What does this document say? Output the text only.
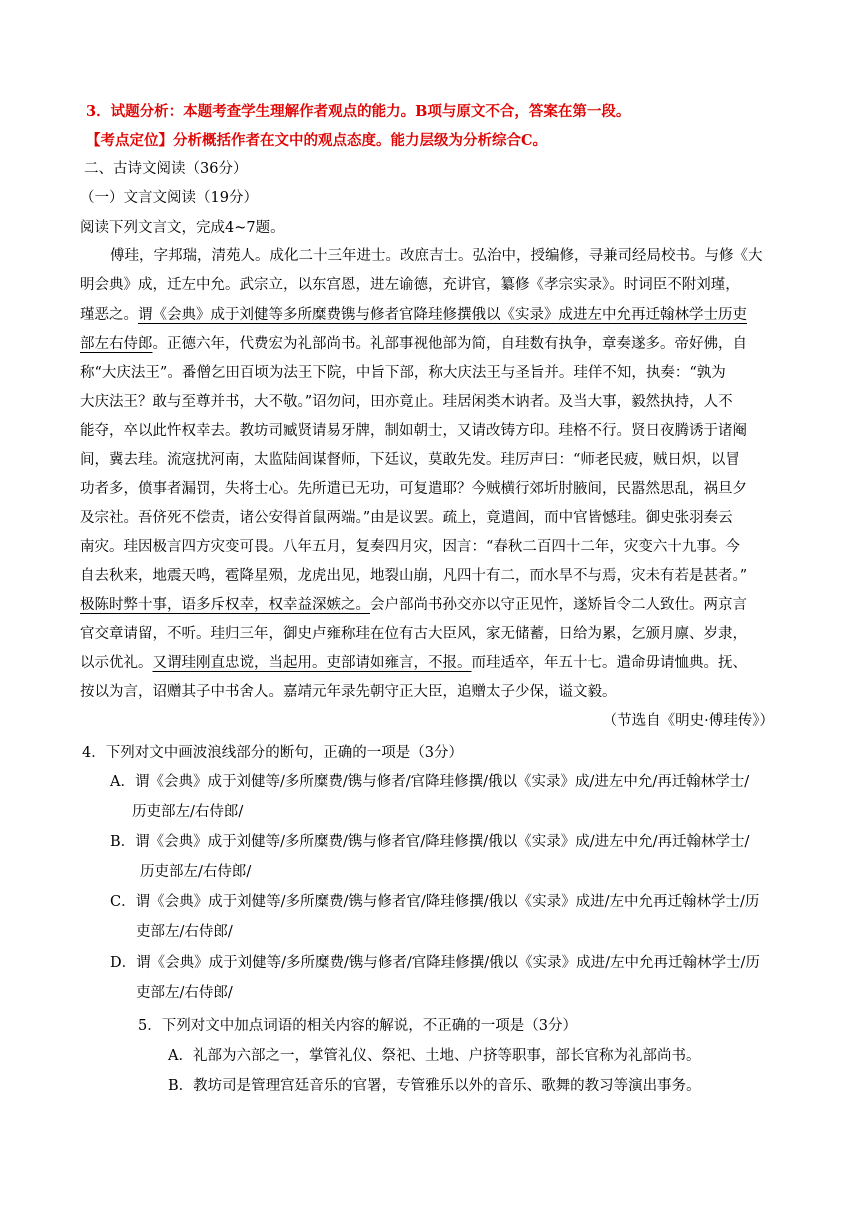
3．试题分析：本题考查学生理解作者观点的能力。B项与原文不合，答案在第一段。
【考点定位】分析概括作者在文中的观点态度。能力层级为分析综合C。
二、古诗文阅读（36分）
（一）文言文阅读（19分）
阅读下列文言文，完成4~7题。
傅珪，字邦瑞，清苑人。成化二十三年进士。改庶吉士。弘治中，授编修，寻兼司经局校书。与修《大
明会典》成，迁左中允。武宗立，以东宫恩，进左谕德，充讲官，纂修《孝宗实录》。时词臣不附刘瑾，
瑾恶之。谓《会典》成于刘健等多所糜费镌与修者官降珪修撰俄以《实录》成进左中允再迁翰林学士历吏
部左右侍郎。正德六年，代费宏为礼部尚书。礼部事视他部为简，自珪数有执争，章奏遂多。帝好佛，自
称“大庆法王”。番僧乞田百顷为法王下院，中旨下部，称大庆法王与圣旨并。珪佯不知，执奏：“孰为
大庆法王？敢与至尊并书，大不敬。”诏勿问，田亦竟止。珪居闲类木讷者。及当大事，毅然执持，人不
能夺，卒以此忤权幸去。教坊司臧贤请易牙牌，制如朝士，又请改铸方印。珪格不行。贤日夜腾诱于诸阉
间，冀去珪。流寇扰河南，太监陆闾谋督师，下廷议，莫敢先发。珪厉声曰：“师老民疲，贼日炽，以冒
功者多，偾事者漏罚，失将士心。先所遣已无功，可复遣耶？今贼横行郊圻肘腋间，民嚣然思乱，祸旦夕
及宗社。吾侪死不偿责，诸公安得首鼠两端。”由是议罢。疏上，竟遣闾，而中官皆憾珪。御史张羽奏云
南灾。珪因极言四方灾变可畏。八年五月，复奏四月灾，因言：“春秋二百四十二年，灾变六十九事。今
自去秋来，地震天鸣，雹降星殒，龙虎出见，地裂山崩，凡四十有二，而水旱不与焉，灾未有若是甚者。”
极陈时弊十事，语多斥权幸，权幸益深嫉之。会户部尚书孙交亦以守正见忤，遂矫旨令二人致仕。两京言
官交章请留，不听。珪归三年，御史卢雍称珪在位有古大臣风，家无储蓄，日给为累，乞颁月廪、岁隶，
以示优礼。又谓珪刚直忠谠，当起用。吏部请如雍言，不报。而珪适卒，年五十七。遣命毋请恤典。抚、
按以为言，诏赠其子中书舍人。嘉靖元年录先朝守正大臣，追赠太子少保，谥文毅。
（节选自《明史·傅珪传》）
4．下列对文中画波浪线部分的断句，正确的一项是（3分）
A．谓《会典》成于刘健等/多所糜费/镌与修者/官降珪修撰/俄以《实录》成/进左中允/再迁翰林学士/
历吏部左/右侍郎/
B．谓《会典》成于刘健等/多所糜费/镌与修者官/降珪修撰/俄以《实录》成/进左中允/再迁翰林学士/
历吏部左/右侍郎/
C．谓《会典》成于刘健等/多所糜费/镌与修者官/降珪修撰/俄以《实录》成进/左中允再迁翰林学士/历
吏部左/右侍郎/
D．谓《会典》成于刘健等/多所糜费/镌与修者/官降珪修撰/俄以《实录》成进/左中允再迁翰林学士/历
吏部左/右侍郎/
5．下列对文中加点词语的相关内容的解说，不正确的一项是（3分）
A．礼部为六部之一，掌管礼仪、祭祀、土地、户挤等职事，部长官称为礼部尚书。
B．教坊司是管理宫廷音乐的官署，专管雅乐以外的音乐、歌舞的教习等演出事务。
